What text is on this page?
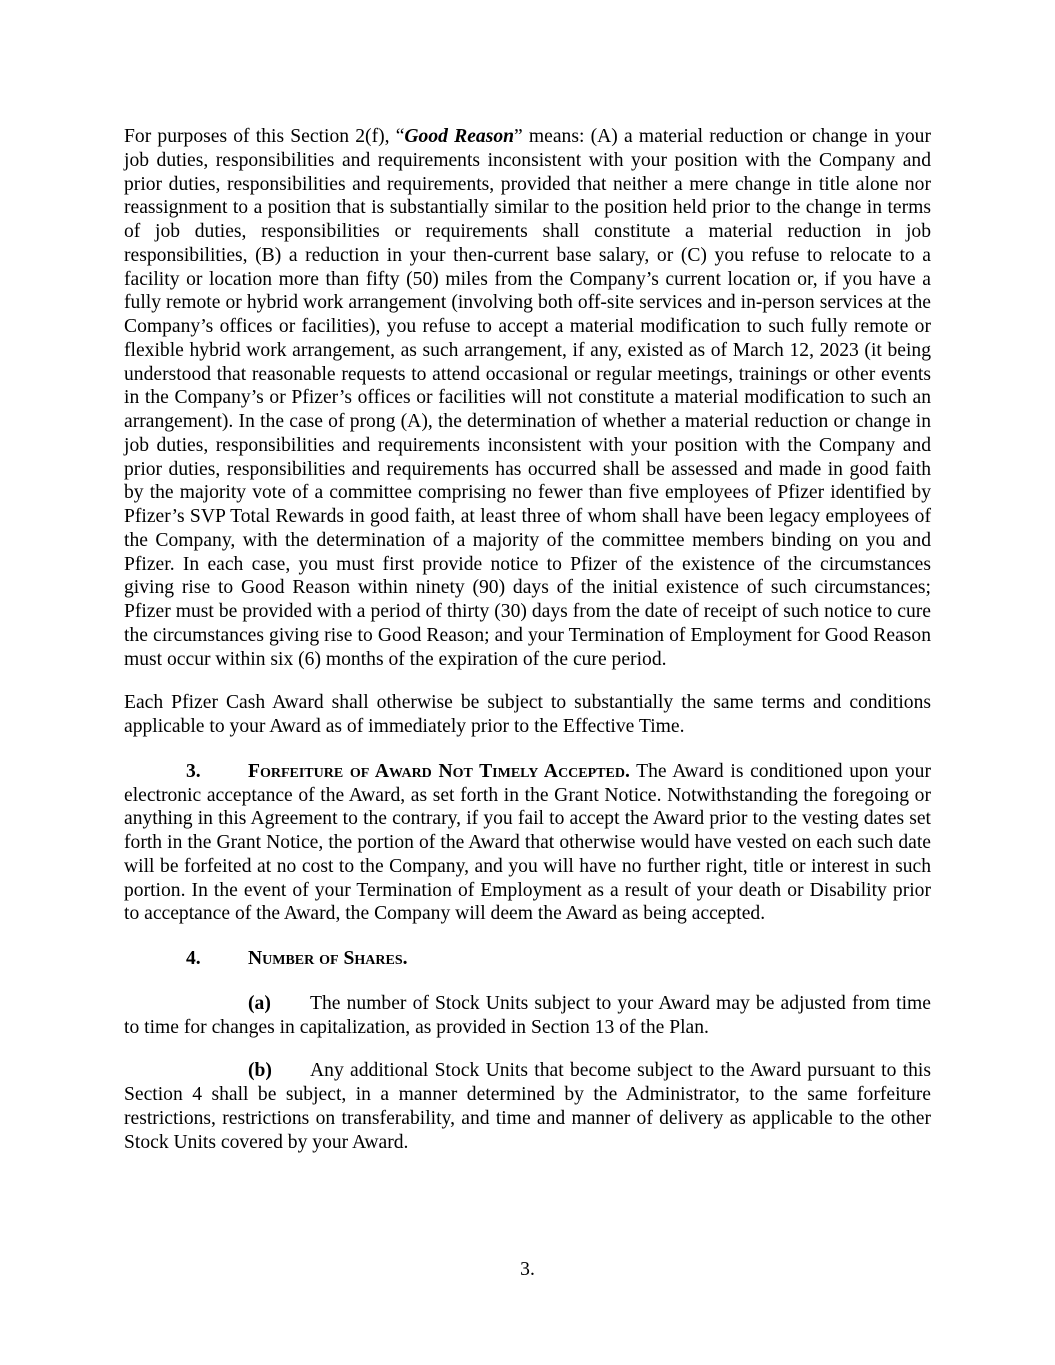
For purposes of this Section 2(f), “Good Reason” means: (A) a material reduction or change in your job duties, responsibilities and requirements inconsistent with your position with the Company and prior duties, responsibilities and requirements, provided that neither a mere change in title alone nor reassignment to a position that is substantially similar to the position held prior to the change in terms of job duties, responsibilities or requirements shall constitute a material reduction in job responsibilities, (B) a reduction in your then-current base salary, or (C) you refuse to relocate to a facility or location more than fifty (50) miles from the Company’s current location or, if you have a fully remote or hybrid work arrangement (involving both off-site services and in-person services at the Company’s offices or facilities), you refuse to accept a material modification to such fully remote or flexible hybrid work arrangement, as such arrangement, if any, existed as of March 12, 2023 (it being understood that reasonable requests to attend occasional or regular meetings, trainings or other events in the Company’s or Pfizer’s offices or facilities will not constitute a material modification to such an arrangement). In the case of prong (A), the determination of whether a material reduction or change in job duties, responsibilities and requirements inconsistent with your position with the Company and prior duties, responsibilities and requirements has occurred shall be assessed and made in good faith by the majority vote of a committee comprising no fewer than five employees of Pfizer identified by Pfizer’s SVP Total Rewards in good faith, at least three of whom shall have been legacy employees of the Company, with the determination of a majority of the committee members binding on you and Pfizer. In each case, you must first provide notice to Pfizer of the existence of the circumstances giving rise to Good Reason within ninety (90) days of the initial existence of such circumstances; Pfizer must be provided with a period of thirty (30) days from the date of receipt of such notice to cure the circumstances giving rise to Good Reason; and your Termination of Employment for Good Reason must occur within six (6) months of the expiration of the cure period.

Each Pfizer Cash Award shall otherwise be subject to substantially the same terms and conditions applicable to your Award as of immediately prior to the Effective Time.

3. Forfeiture of Award Not Timely Accepted. The Award is conditioned upon your electronic acceptance of the Award, as set forth in the Grant Notice. Notwithstanding the foregoing or anything in this Agreement to the contrary, if you fail to accept the Award prior to the vesting dates set forth in the Grant Notice, the portion of the Award that otherwise would have vested on each such date will be forfeited at no cost to the Company, and you will have no further right, title or interest in such portion. In the event of your Termination of Employment as a result of your death or Disability prior to acceptance of the Award, the Company will deem the Award as being accepted.

4. Number of Shares.

(a) The number of Stock Units subject to your Award may be adjusted from time to time for changes in capitalization, as provided in Section 13 of the Plan.

(b) Any additional Stock Units that become subject to the Award pursuant to this Section 4 shall be subject, in a manner determined by the Administrator, to the same forfeiture restrictions, restrictions on transferability, and time and manner of delivery as applicable to the other Stock Units covered by your Award.

3.
